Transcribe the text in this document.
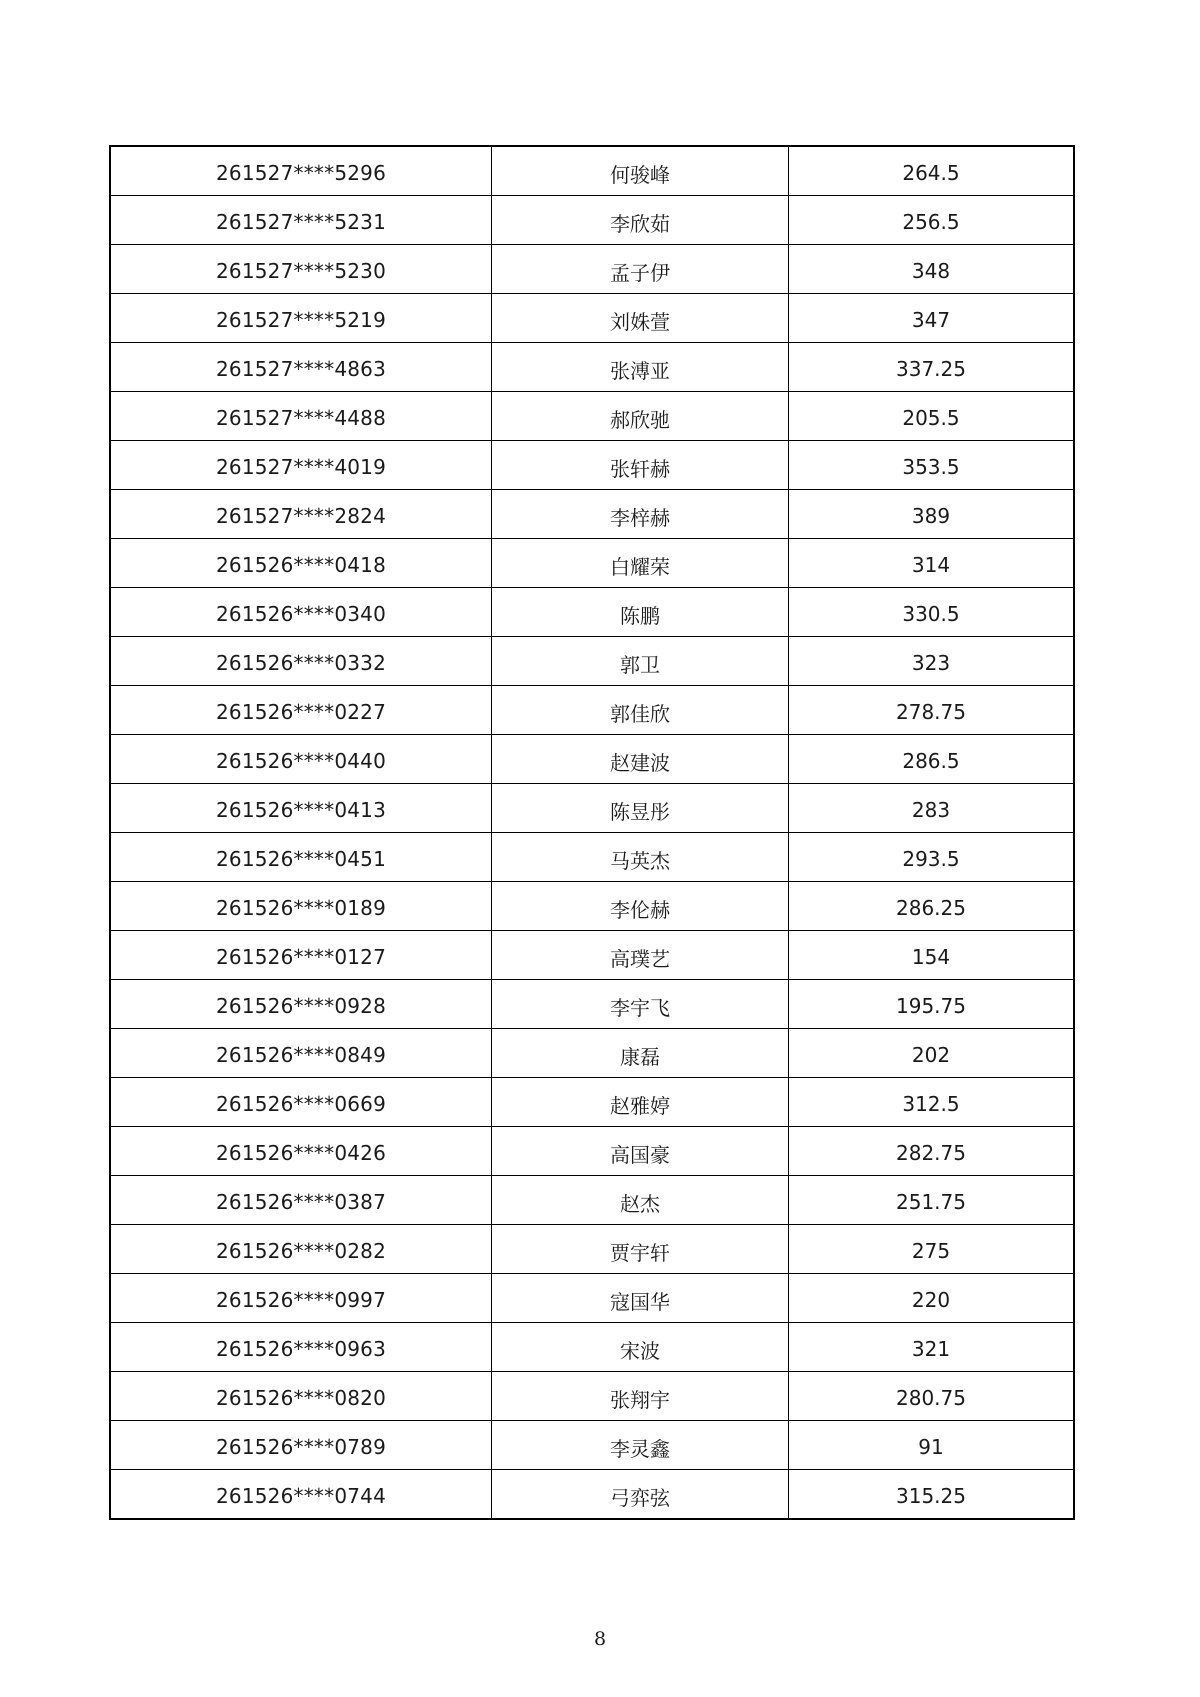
261527****5296	何骏峰	264.5
261527****5231	李欣茹	256.5
261527****5230	孟子伊	348
261527****5219	刘姝萱	347
261527****4863	张溥亚	337.25
261527****4488	郝欣驰	205.5
261527****4019	张轩赫	353.5
261527****2824	李梓赫	389
261526****0418	白耀荣	314
261526****0340	陈鹏	330.5
261526****0332	郭卫	323
261526****0227	郭佳欣	278.75
261526****0440	赵建波	286.5
261526****0413	陈昱彤	283
261526****0451	马英杰	293.5
261526****0189	李伦赫	286.25
261526****0127	高璞艺	154
261526****0928	李宇飞	195.75
261526****0849	康磊	202
261526****0669	赵雅婷	312.5
261526****0426	高国豪	282.75
261526****0387	赵杰	251.75
261526****0282	贾宇轩	275
261526****0997	寇国华	220
261526****0963	宋波	321
261526****0820	张翔宇	280.75
261526****0789	李灵鑫	91
261526****0744	弓弈弦	315.25
8
